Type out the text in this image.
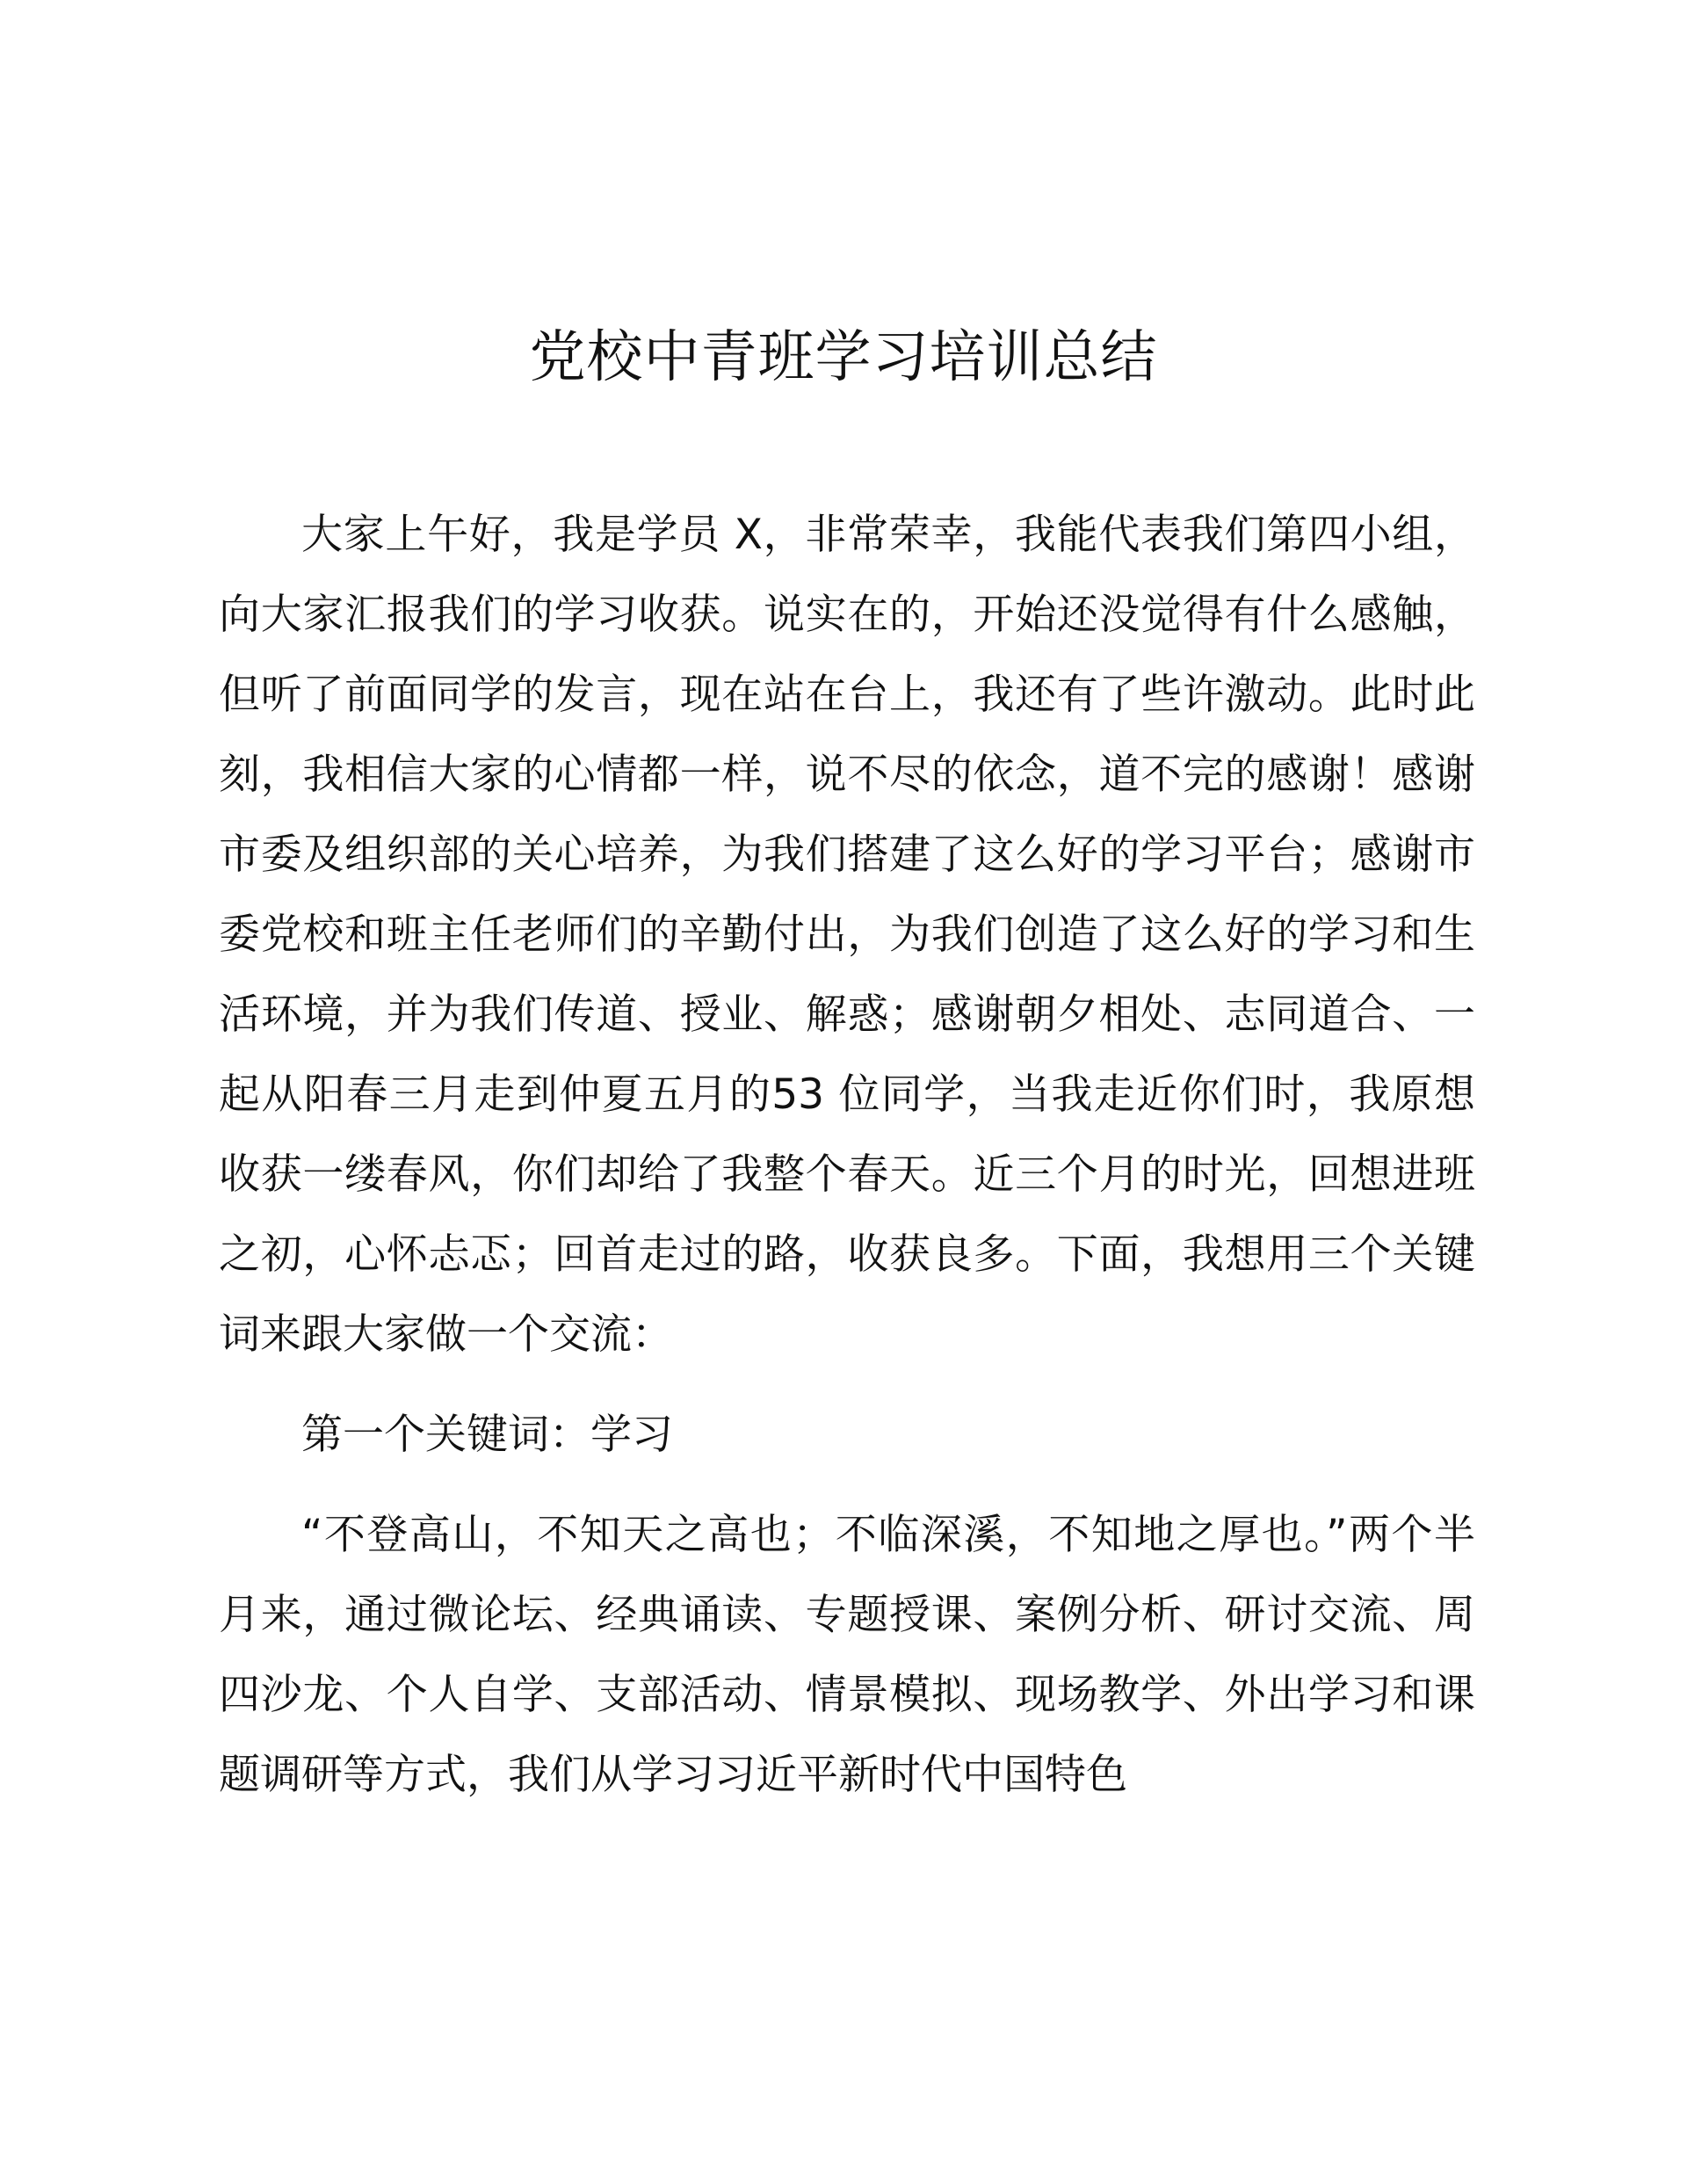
党校中青班学习培训总结

大家上午好，我是学员 X，非常荣幸，我能代表我们第四小组，向大家汇报我们的学习收获。说实在的，开始还没觉得有什么感触，但听了前面同学的发言，现在站在台上，我还有了些许激动。此时此刻，我相信大家的心情都一样，说不尽的依念，道不完的感谢！感谢市委及组织部的关心培养，为我们搭建了这么好的学习平台；感谢市委党校和班主任老师们的辛勤付出，为我们创造了这么好的学习和生活环境，并为我们传道、授业、解惑；感谢朝夕相处、志同道合、一起从阳春三月走到仲夏五月的53 位同学，当我走近你们时，我原想收获一缕春风，你们却给了我整个春天。近三个月的时光，回想进班之初，心怀忐忑；回首走过的路，收获良多。下面，我想用三个关键词来跟大家做一个交流：

第一个关键词：学习

“不登高山，不知天之高也；不临深溪，不知地之厚也。”两个半月来，通过微论坛、经典诵读、专题授课、案例分析、研讨交流、周四沙龙、个人自学、支部活动、情景模拟、现场教学、外出学习和课题调研等方式，我们从学习习近平新时代中国特色
